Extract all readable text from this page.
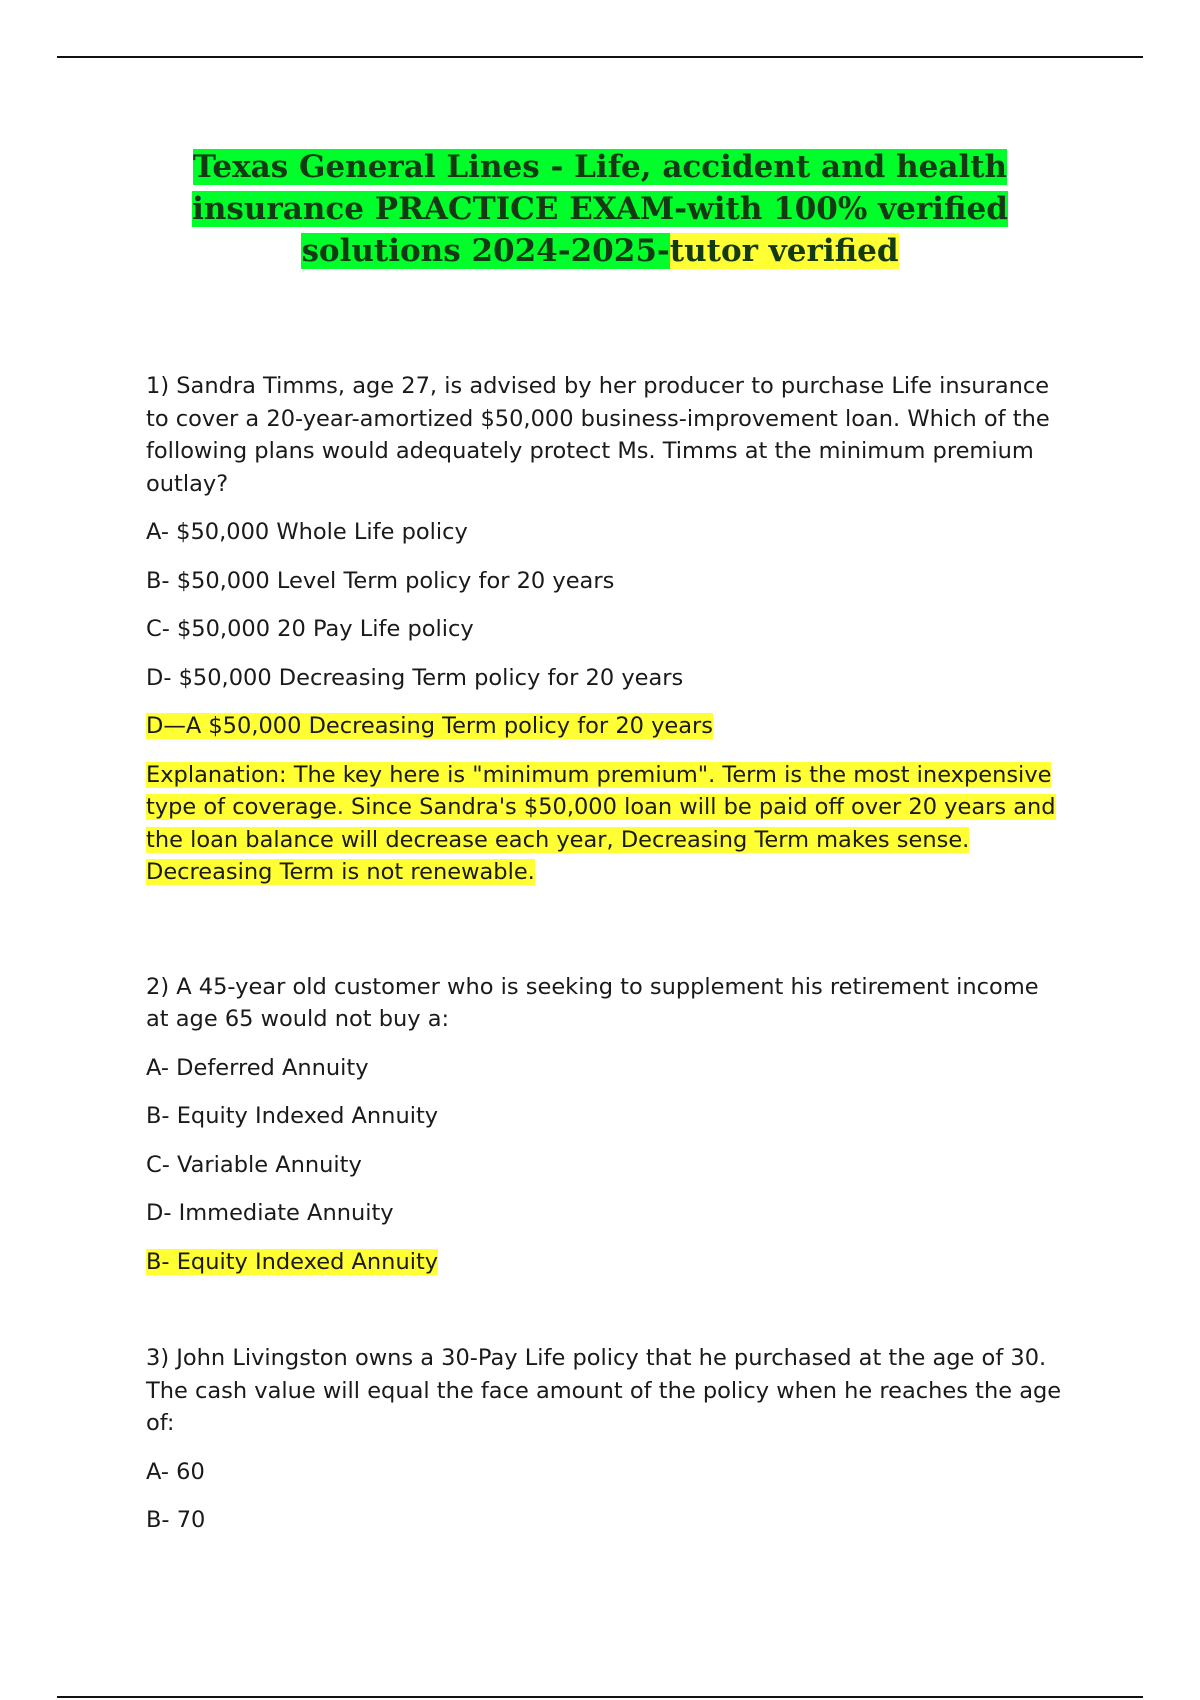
Texas General Lines - Life, accident and health insurance PRACTICE EXAM-with 100% verified solutions 2024-2025-tutor verified
1) Sandra Timms, age 27, is advised by her producer to purchase Life insurance to cover a 20-year-amortized $50,000 business-improvement loan. Which of the following plans would adequately protect Ms. Timms at the minimum premium outlay?
A- $50,000 Whole Life policy
B- $50,000 Level Term policy for 20 years
C- $50,000 20 Pay Life policy
D- $50,000 Decreasing Term policy for 20 years
D—A $50,000 Decreasing Term policy for 20 years
Explanation: The key here is "minimum premium". Term is the most inexpensive type of coverage. Since Sandra's $50,000 loan will be paid off over 20 years and the loan balance will decrease each year, Decreasing Term makes sense. Decreasing Term is not renewable.
2) A 45-year old customer who is seeking to supplement his retirement income at age 65 would not buy a:
A- Deferred Annuity
B- Equity Indexed Annuity
C- Variable Annuity
D- Immediate Annuity
B- Equity Indexed Annuity
3) John Livingston owns a 30-Pay Life policy that he purchased at the age of 30. The cash value will equal the face amount of the policy when he reaches the age of:
A- 60
B- 70
